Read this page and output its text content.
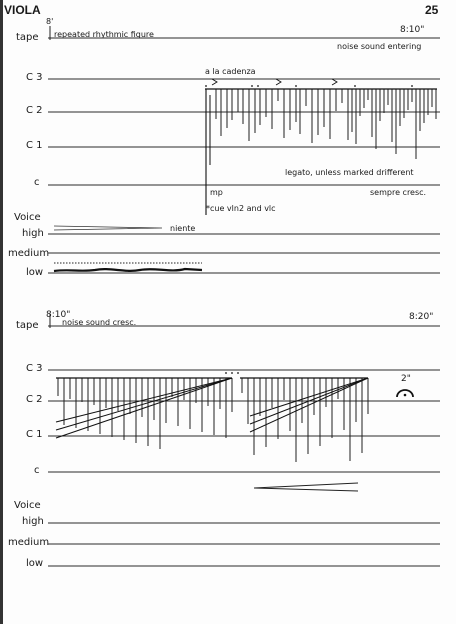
VIOLA	25
8'
8:10"
tape
C 3
C 2
C 1
c
Voice
high
medium
low
repeated rhythmic figure
noise sound entering
a la cadenza
legato, unless marked drifferent
sempre cresc.
mp
*cue vln2 and vlc
niente
8:10"	8:20"
tape
C 3
C 2
C 1
c
Voice
high
medium
low
noise sound cresc.
2"
